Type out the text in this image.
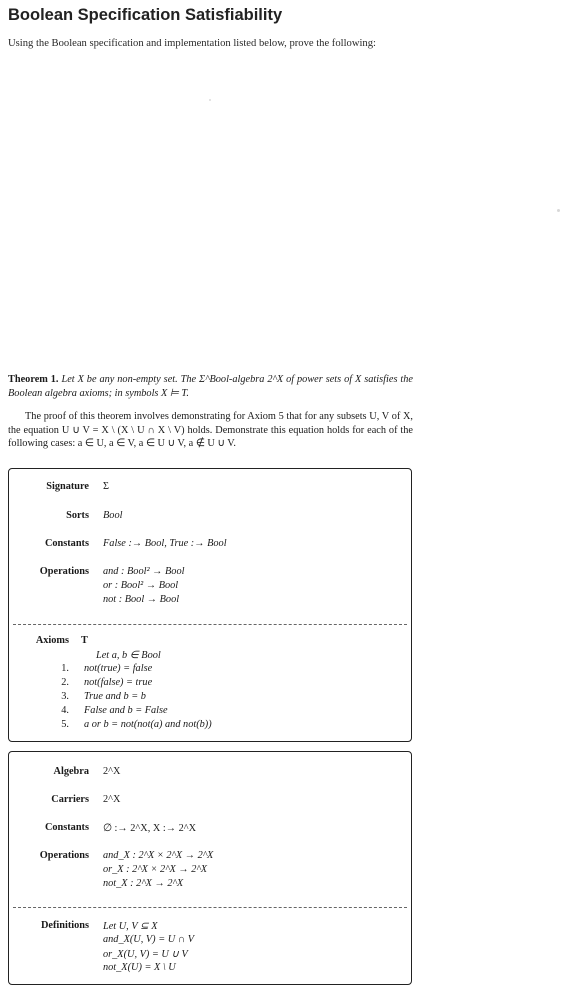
Boolean Specification Satisfiability
Using the Boolean specification and implementation listed below, prove the following:
Theorem 1. Let X be any non-empty set. The Σ^Bool-algebra 2^X of power sets of X satisfies the Boolean algebra axioms; in symbols X ⊨ T.
The proof of this theorem involves demonstrating for Axiom 5 that for any subsets U, V of X, the equation U ∪ V = X \ (X \ U ∩ X \ V) holds. Demonstrate this equation holds for each of the following cases: a ∈ U, a ∈ V, a ∈ U ∪ V, a ∉ U ∪ V.
Signature Σ
Sorts Bool
Constants False :→ Bool, True :→ Bool
Operations and : Bool² → Bool
or : Bool² → Bool
not : Bool → Bool
Axioms T
Let a, b ∈ Bool
1. not(true) = false
2. not(false) = true
3. True and b = b
4. False and b = False
5. a or b = not(not(a) and not(b))
Algebra 2^X
Carriers 2^X
Constants ∅ :→ 2^X, X :→ 2^X
Operations and_X : 2^X × 2^X → 2^X
or_X : 2^X × 2^X → 2^X
not_X : 2^X → 2^X
Definitions Let U, V ⊆ X
and_X(U, V) = U ∩ V
or_X(U, V) = U ∪ V
not_X(U) = X \ U
